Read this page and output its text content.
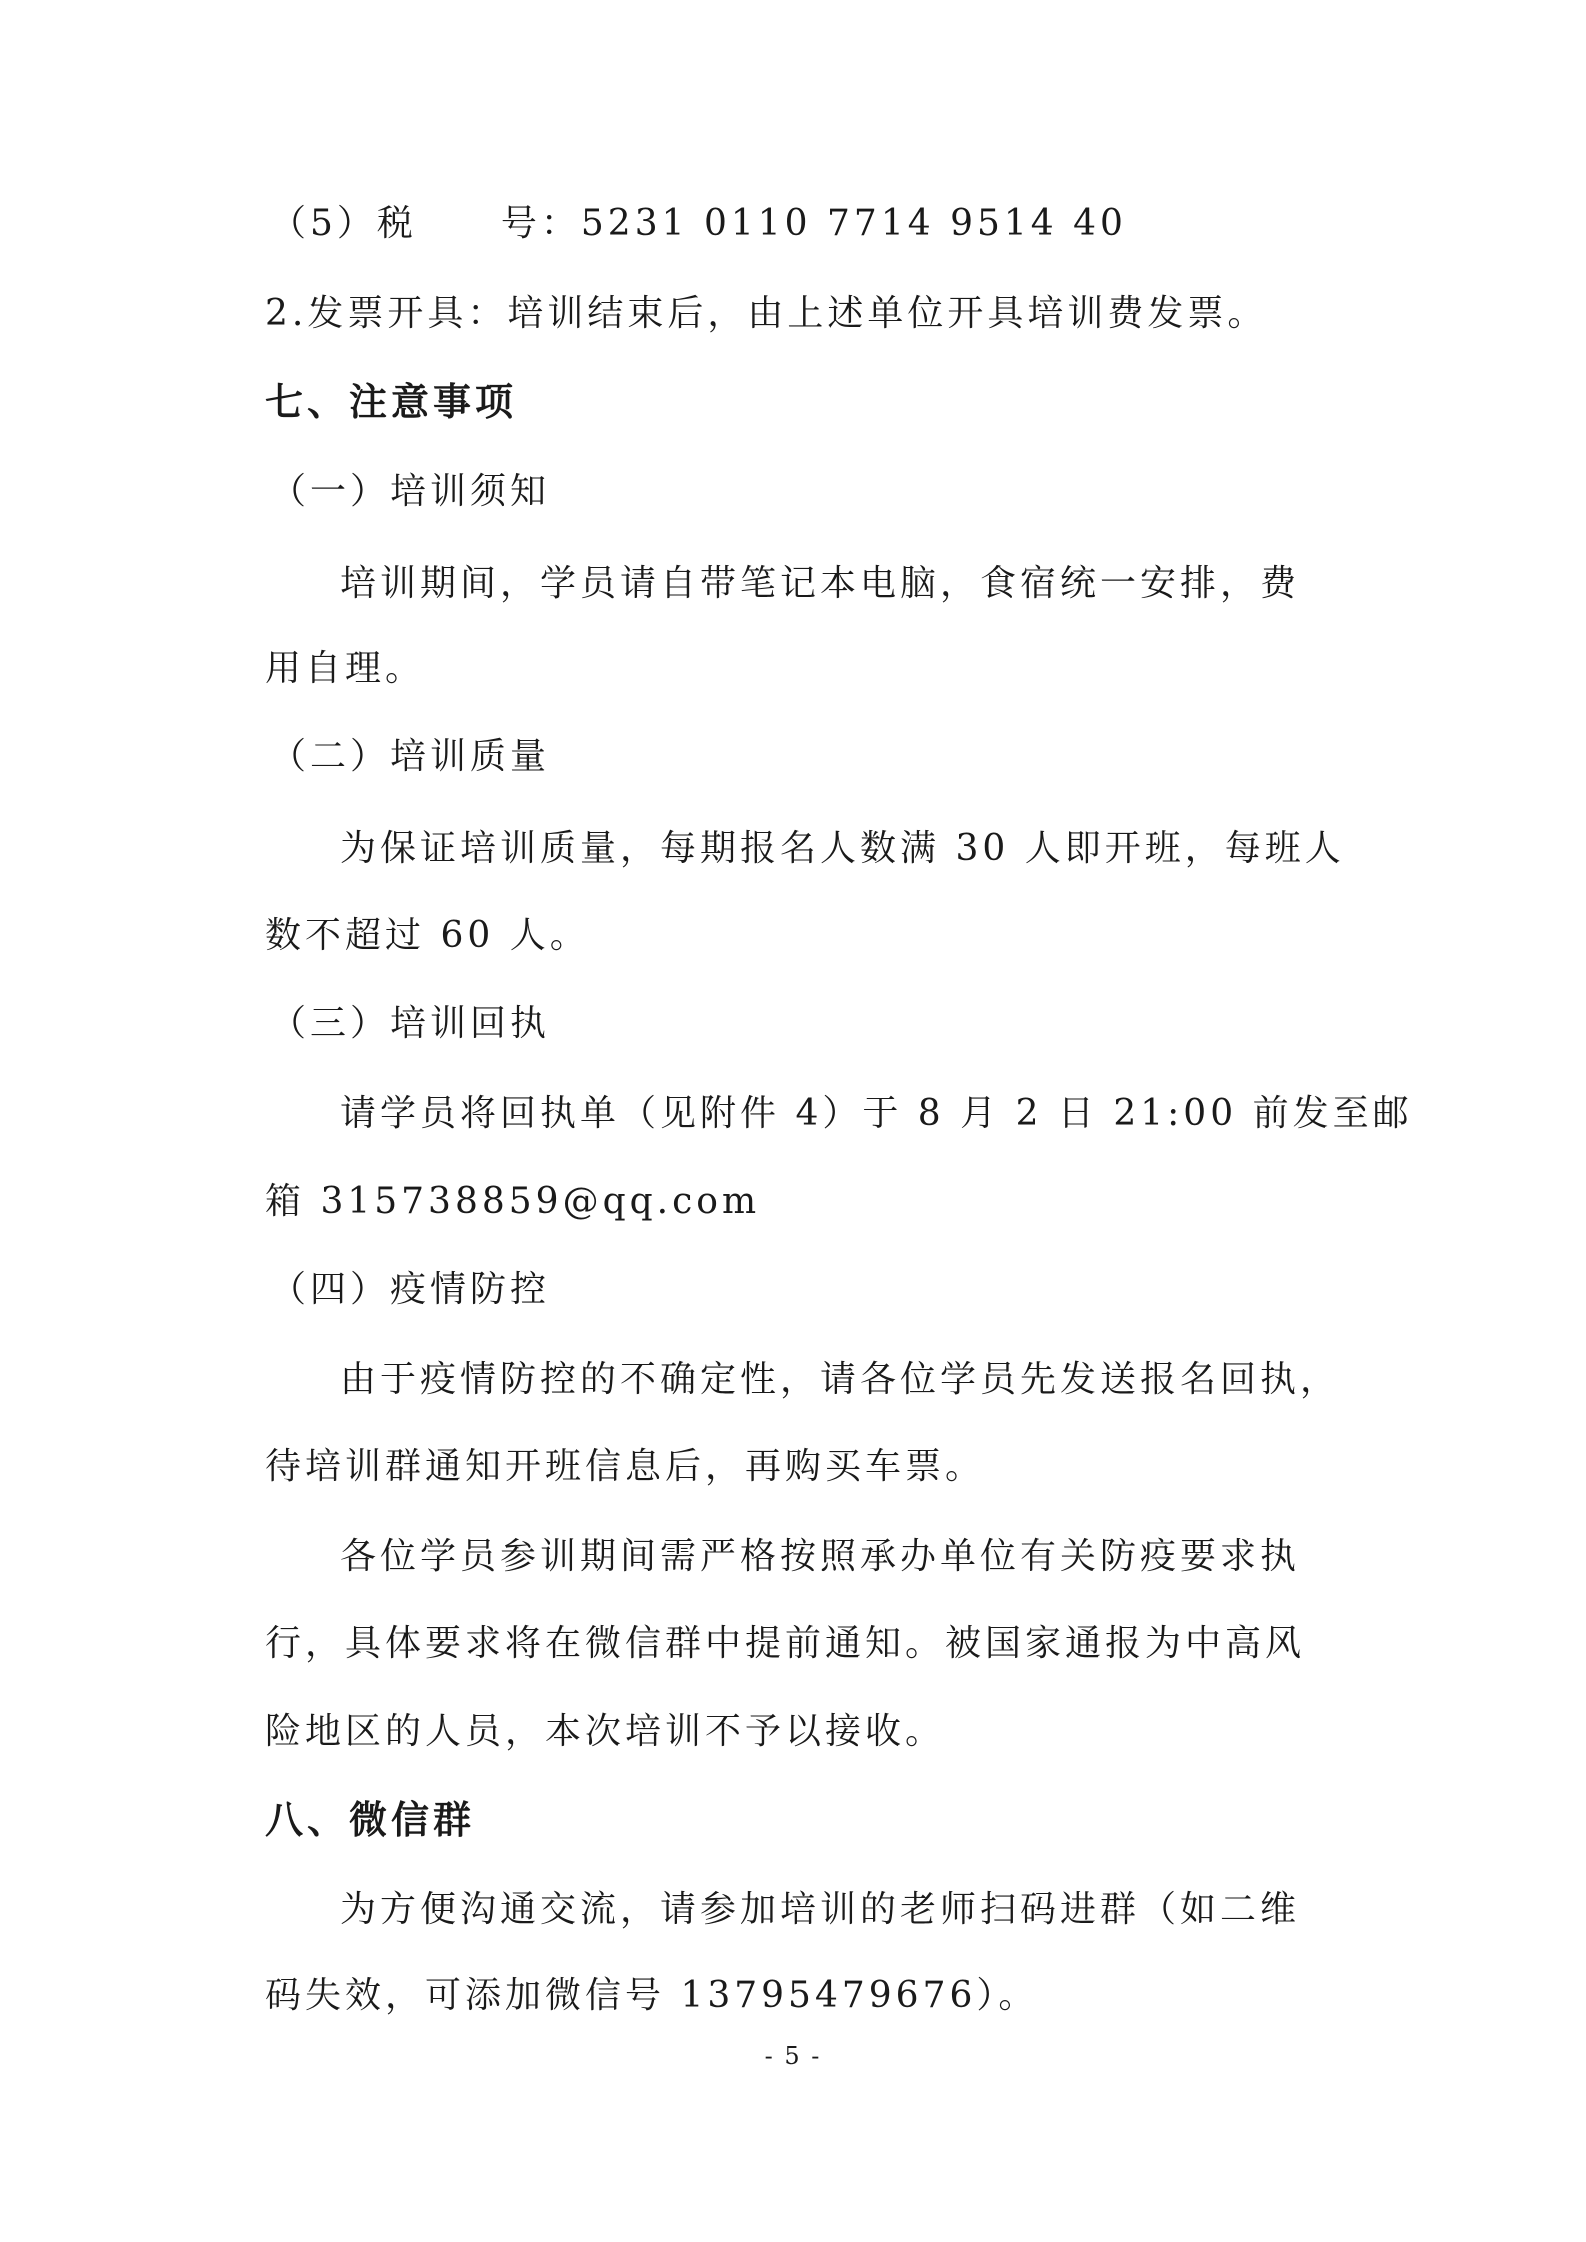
（5）税 号：5231 0110 7714 9514 40
2.发票开具：培训结束后，由上述单位开具培训费发票。
七、注意事项
（一）培训须知
培训期间，学员请自带笔记本电脑，食宿统一安排，费
用自理。
（二）培训质量
为保证培训质量，每期报名人数满 30 人即开班，每班人
数不超过 60 人。
（三）培训回执
请学员将回执单（见附件 4）于 8 月 2 日 21:00 前发至邮
箱 315738859@qq.com
（四）疫情防控
由于疫情防控的不确定性，请各位学员先发送报名回执，
待培训群通知开班信息后，再购买车票。
各位学员参训期间需严格按照承办单位有关防疫要求执
行，具体要求将在微信群中提前通知。被国家通报为中高风
险地区的人员，本次培训不予以接收。
八、微信群
为方便沟通交流，请参加培训的老师扫码进群（如二维
码失效，可添加微信号 13795479676）。
- 5 -
